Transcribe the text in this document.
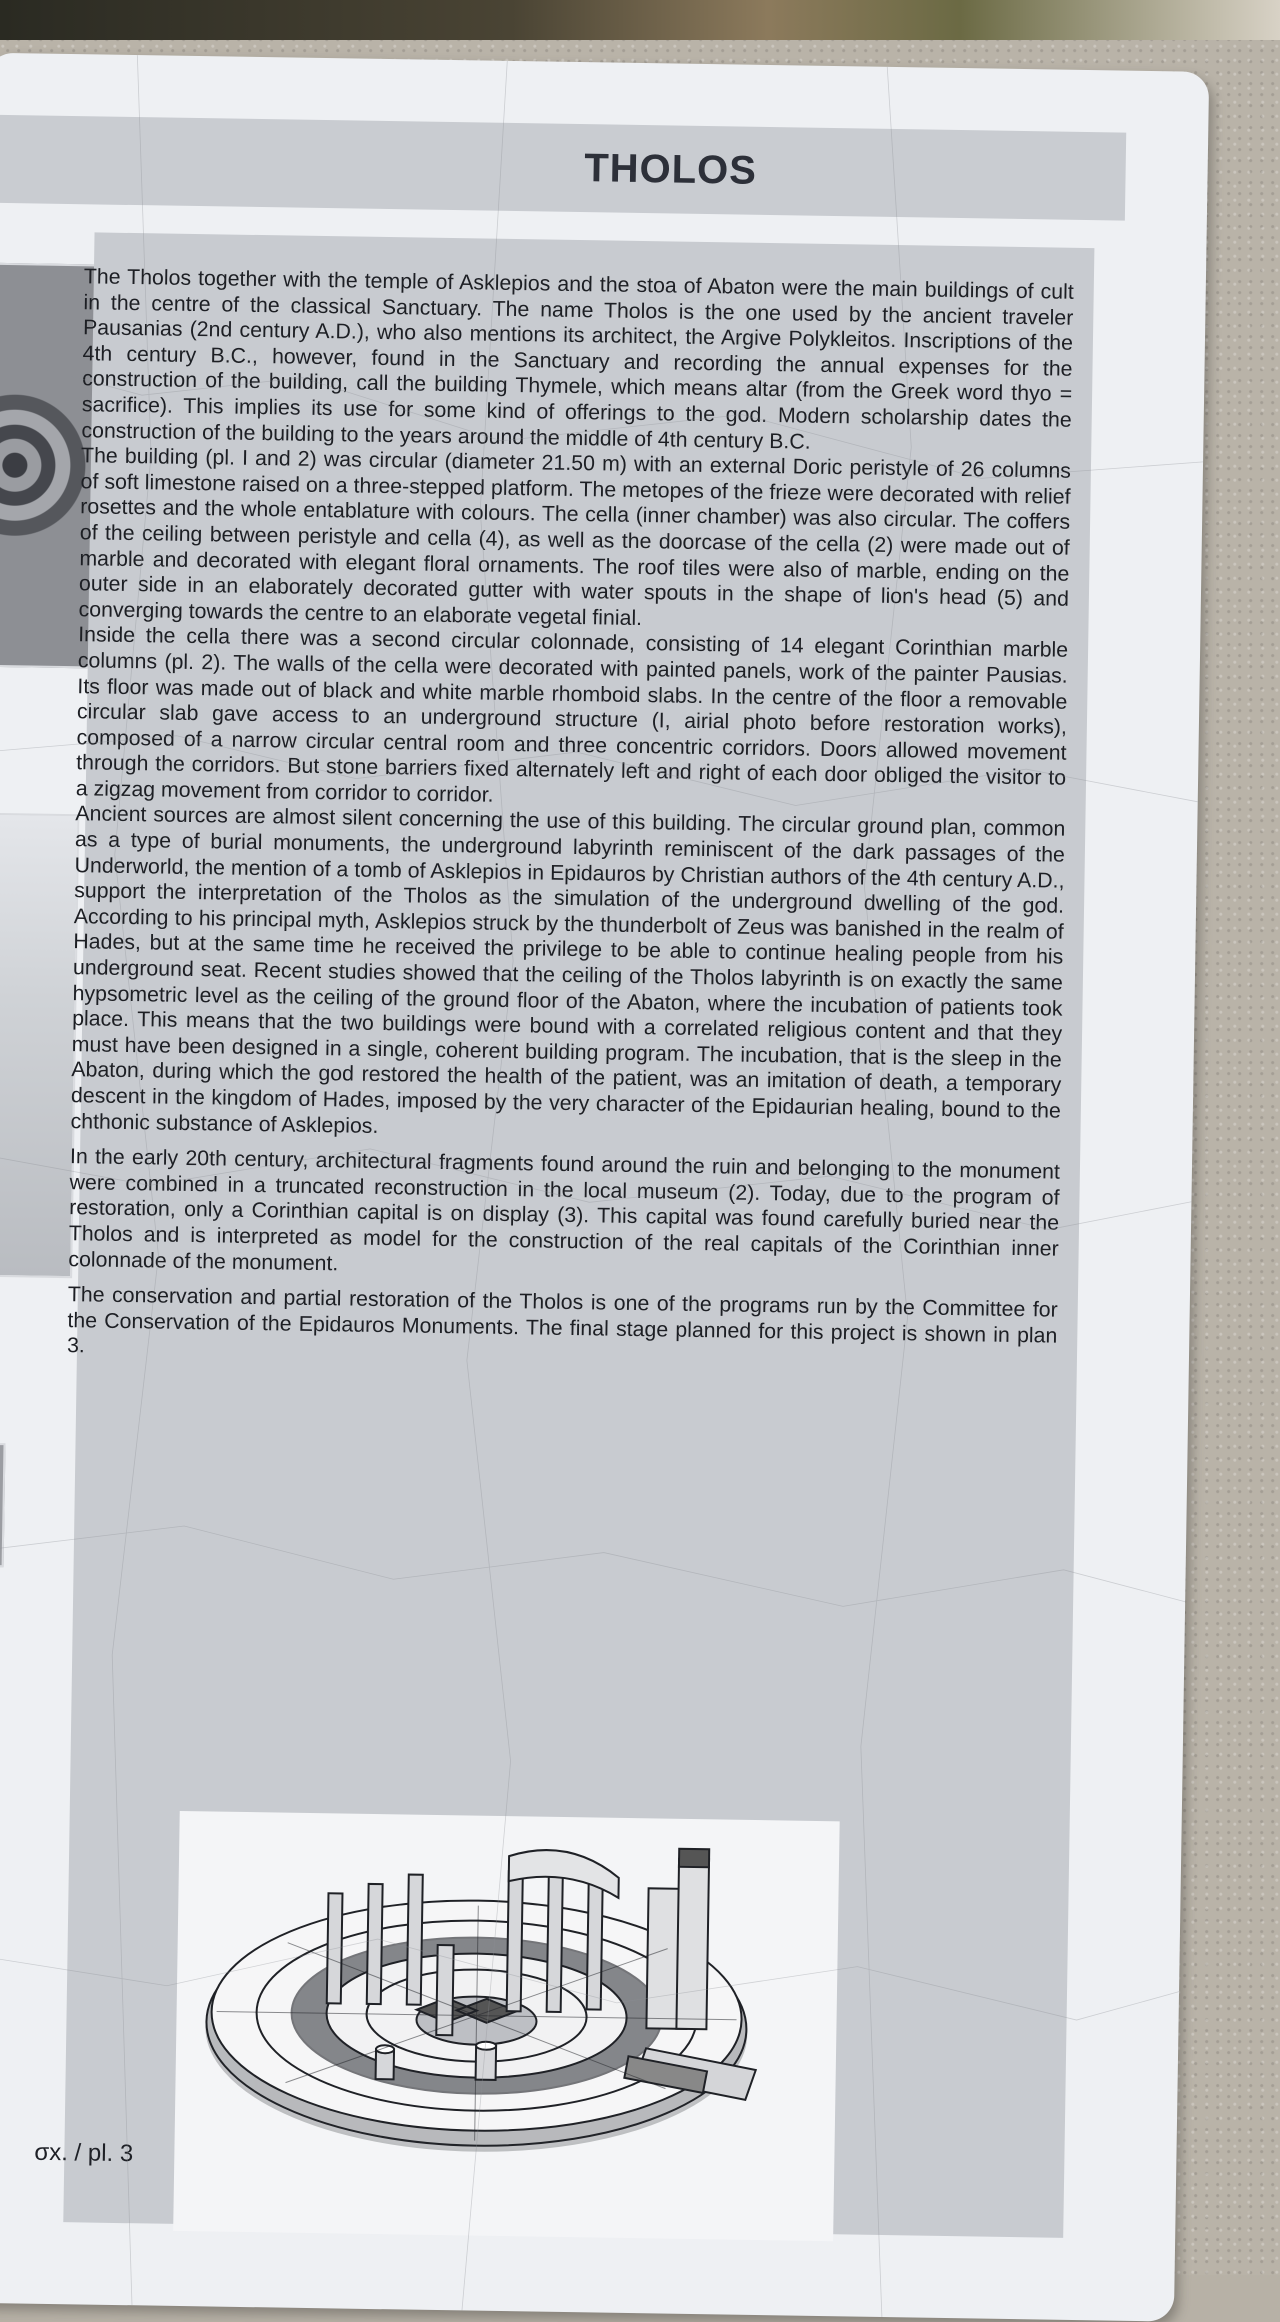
THOLOS

The Tholos together with the temple of Asklepios and the stoa of Abaton were the main buildings of cult in the centre of the classical Sanctuary. The name Tholos is the one used by the ancient traveler Pausanias (2nd century A.D.), who also mentions its architect, the Argive Polykleitos. Inscriptions of the 4th century B.C., however, found in the Sanctuary and recording the annual expenses for the construction of the building, call the building Thymele, which means altar (from the Greek word thyo = sacrifice). This implies its use for some kind of offerings to the god. Modern scholarship dates the construction of the building to the years around the middle of 4th century B.C.

The building (pl. I and 2) was circular (diameter 21.50 m) with an external Doric peristyle of 26 columns of soft limestone raised on a three-stepped platform. The metopes of the frieze were decorated with relief rosettes and the whole entablature with colours. The cella (inner chamber) was also circular. The coffers of the ceiling between peristyle and cella (4), as well as the doorcase of the cella (2) were made out of marble and decorated with elegant floral ornaments. The roof tiles were also of marble, ending on the outer side in an elaborately decorated gutter with water spouts in the shape of lion's head (5) and converging towards the centre to an elaborate vegetal finial.

Inside the cella there was a second circular colonnade, consisting of 14 elegant Corinthian marble columns (pl. 2). The walls of the cella were decorated with painted panels, work of the painter Pausias. Its floor was made out of black and white marble rhomboid slabs. In the centre of the floor a removable circular slab gave access to an underground structure (I, airial photo before restoration works), composed of a narrow circular central room and three concentric corridors. Doors allowed movement through the corridors. But stone barriers fixed alternately left and right of each door obliged the visitor to a zigzag movement from corridor to corridor.

Ancient sources are almost silent concerning the use of this building. The circular ground plan, common as a type of burial monuments, the underground labyrinth reminiscent of the dark passages of the Underworld, the mention of a tomb of Asklepios in Epidauros by Christian authors of the 4th century A.D., support the interpretation of the Tholos as the simulation of the underground dwelling of the god. According to his principal myth, Asklepios struck by the thunderbolt of Zeus was banished in the realm of Hades, but at the same time he received the privilege to be able to continue healing people from his underground seat. Recent studies showed that the ceiling of the Tholos labyrinth is on exactly the same hypsometric level as the ceiling of the ground floor of the Abaton, where the incubation of patients took place. This means that the two buildings were bound with a correlated religious content and that they must have been designed in a single, coherent building program. The incubation, that is the sleep in the Abaton, during which the god restored the health of the patient, was an imitation of death, a temporary descent in the kingdom of Hades, imposed by the very character of the Epidaurian healing, bound to the chthonic substance of Asklepios.

In the early 20th century, architectural fragments found around the ruin and belonging to the monument were combined in a truncated reconstruction in the local museum (2). Today, due to the program of restoration, only a Corinthian capital is on display (3). This capital was found carefully buried near the Tholos and is interpreted as model for the construction of the real capitals of the Corinthian inner colonnade of the monument.

The conservation and partial restoration of the Tholos is one of the programs run by the Committee for the Conservation of the Epidauros Monuments. The final stage planned for this project is shown in plan 3.

σx. / pl. 3
